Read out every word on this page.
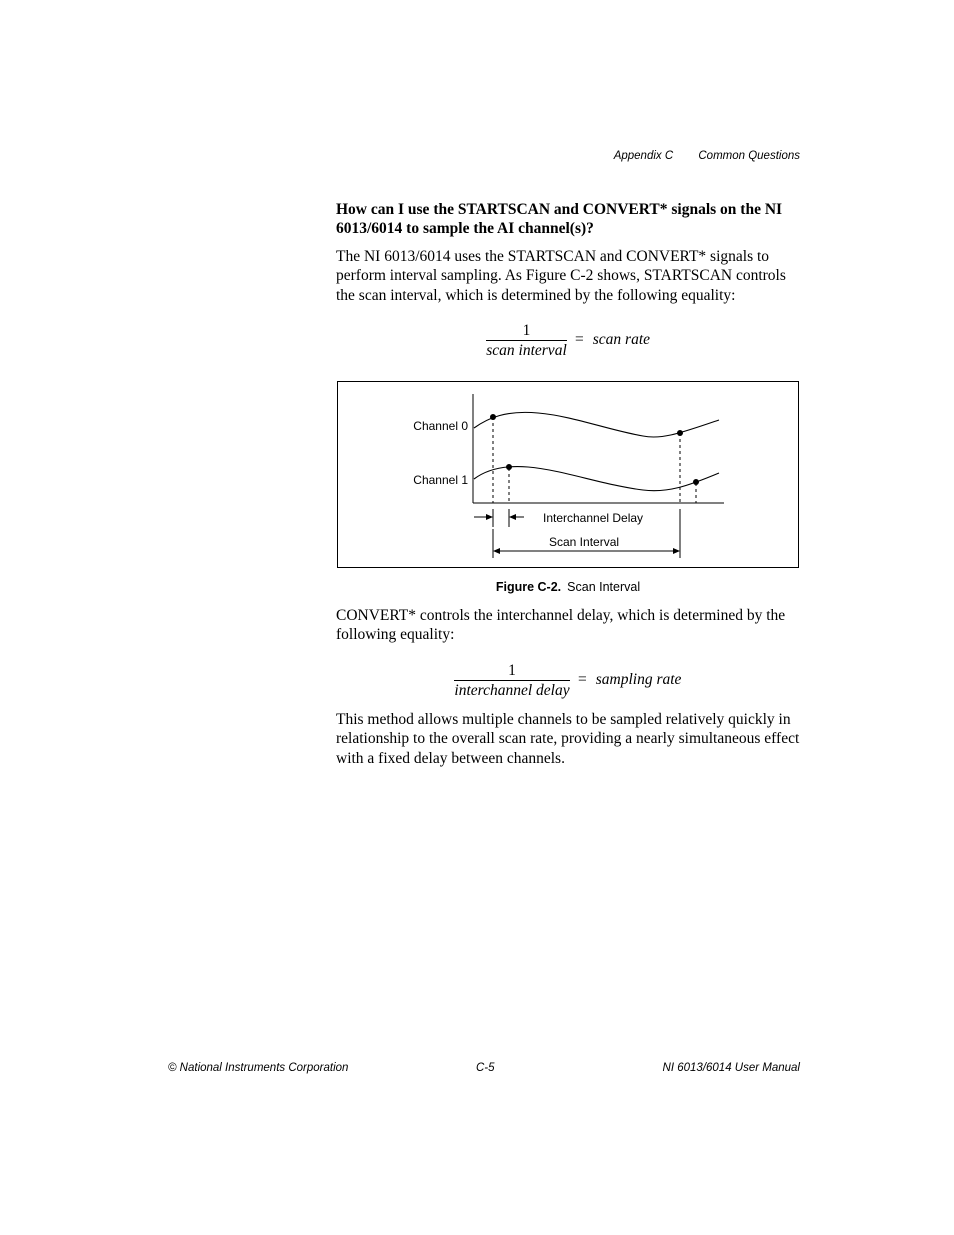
Appendix C Common Questions

How can I use the STARTSCAN and CONVERT* signals on the NI 6013/6014 to sample the AI channel(s)?

The NI 6013/6014 uses the STARTSCAN and CONVERT* signals to perform interval sampling. As Figure C-2 shows, STARTSCAN controls the scan interval, which is determined by the following equality:

1
scan interval
= scan rate
Channel 0
Channel 1
Interchannel Delay
Scan Interval
Figure C-2. Scan Interval

CONVERT* controls the interchannel delay, which is determined by the following equality:

1
interchannel delay
= sampling rate

This method allows multiple channels to be sampled relatively quickly in relationship to the overall scan rate, providing a nearly simultaneous effect with a fixed delay between channels.

© National Instruments Corporation	C-5	NI 6013/6014 User Manual
